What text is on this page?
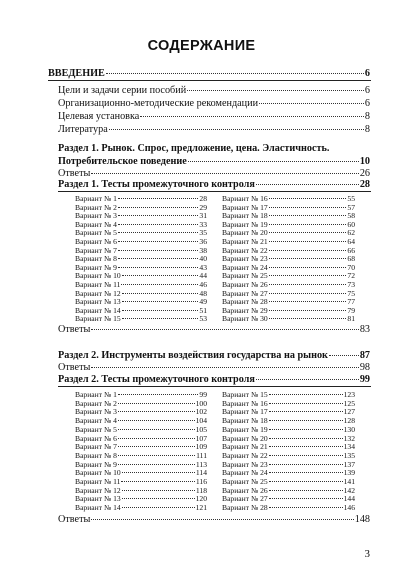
СОДЕРЖАНИЕ
ВВЕДЕНИЕ	6
Цели и задачи серии пособий	6
Организационно-методические рекомендации	6
Целевая установка	8
Литература	8
Раздел 1. Рынок. Спрос, предложение, цена. Эластичность.
Потребительское поведение	10
Ответы	26
Раздел 1. Тесты промежуточного контроля	28
Вариант № 1	28
Вариант № 2	29
Вариант № 3	31
Вариант № 4	33
Вариант № 5	35
Вариант № 6	36
Вариант № 7	38
Вариант № 8	40
Вариант № 9	43
Вариант № 10	44
Вариант № 11	46
Вариант № 12	48
Вариант № 13	49
Вариант № 14	51
Вариант № 15	53
Вариант № 16	55
Вариант № 17	57
Вариант № 18	58
Вариант № 19	60
Вариант № 20	62
Вариант № 21	64
Вариант № 22	66
Вариант № 23	68
Вариант № 24	70
Вариант № 25	72
Вариант № 26	73
Вариант № 27	75
Вариант № 28	77
Вариант № 29	79
Вариант № 30	81
Ответы	83
Раздел 2. Инструменты воздействия государства на рынок	87
Ответы	98
Раздел 2. Тесты промежуточного контроля	99
Вариант № 1	99
Вариант № 2	100
Вариант № 3	102
Вариант № 4	104
Вариант № 5	105
Вариант № 6	107
Вариант № 7	109
Вариант № 8	111
Вариант № 9	113
Вариант № 10	114
Вариант № 11	116
Вариант № 12	118
Вариант № 13	120
Вариант № 14	121
Вариант № 15	123
Вариант № 16	125
Вариант № 17	127
Вариант № 18	128
Вариант № 19	130
Вариант № 20	132
Вариант № 21	134
Вариант № 22	135
Вариант № 23	137
Вариант № 24	139
Вариант № 25	141
Вариант № 26	142
Вариант № 27	144
Вариант № 28	146
Ответы	148
3
